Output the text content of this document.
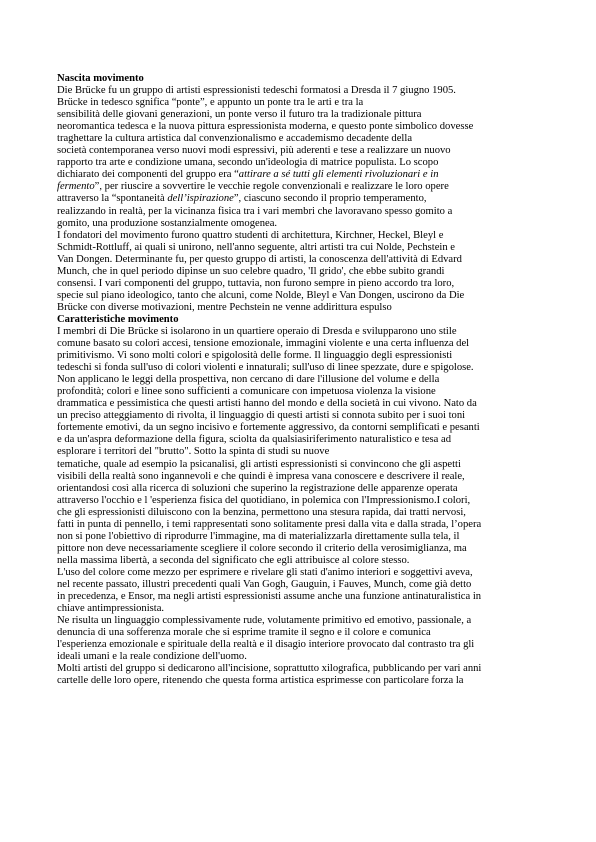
Nascita movimento
Die Brücke fu un gruppo di artisti espressionisti tedeschi formatosi a Dresda il 7 giugno 1905.
Brücke in tedesco sgnifica “ponte”, e appunto un ponte tra le arti e tra la
sensibilità delle giovani generazioni, un ponte verso il futuro tra la tradizionale pittura
neoromantica tedesca e la nuova pittura espressionista moderna, e questo ponte simbolico dovesse
traghettare la cultura artistica dal convenzionalismo e accademismo decadente della
società contemporanea verso nuovi modi espressivi, più aderenti e tese a realizzare un nuovo
rapporto tra arte e condizione umana, secondo un'ideologia di matrice populista. Lo scopo
dichiarato dei componenti del gruppo era “attirare a sé tutti gli elementi rivoluzionari e in
fermento”, per riuscire a sovvertire le vecchie regole convenzionali e realizzare le loro opere
attraverso la “spontaneità dell’ispirazione”, ciascuno secondo il proprio temperamento,
realizzando in realtà, per la vicinanza fisica tra i vari membri che lavoravano spesso gomito a
gomito, una produzione sostanzialmente omogenea.
I fondatori del movimento furono quattro studenti di architettura, Kirchner, Heckel, Bleyl e
Schmidt-Rottluff, ai quali si unirono, nell'anno seguente, altri artisti tra cui Nolde, Pechstein e
Van Dongen. Determinante fu, per questo gruppo di artisti, la conoscenza dell'attività di Edvard
Munch, che in quel periodo dipinse un suo celebre quadro, 'Il grido', che ebbe subito grandi
consensi. I vari componenti del gruppo, tuttavia, non furono sempre in pieno accordo tra loro,
specie sul piano ideologico, tanto che alcuni, come Nolde, Bleyl e Van Dongen, uscirono da Die
Brücke con diverse motivazioni, mentre Pechstein ne venne addirittura espulso
Caratteristiche movimento
I membri di Die Brücke si isolarono in un quartiere operaio di Dresda e svilupparono uno stile
comune basato su colori accesi, tensione emozionale, immagini violente e una certa influenza del
primitivismo. Vi sono molti colori e spigolosità delle forme. Il linguaggio degli espressionisti
tedeschi si fonda sull'uso di colori violenti e innaturali; sull'uso di linee spezzate, dure e spigolose.
Non applicano le leggi della prospettiva, non cercano di dare l'illusione del volume e della
profondità; colori e linee sono sufficienti a comunicare con impetuosa violenza la visione
drammatica e pessimistica che questi artisti hanno del mondo e della società in cui vivono. Nato da
un preciso atteggiamento di rivolta, il linguaggio di questi artisti si connota subito per i suoi toni
fortemente emotivi, da un segno incisivo e fortemente aggressivo, da contorni semplificati e pesanti
e da un'aspra deformazione della figura, sciolta da qualsiasiriferimento naturalistico e tesa ad
esplorare i territori del "brutto". Sotto la spinta di studi su nuove
tematiche, quale ad esempio la psicanalisi, gli artisti espressionisti si convincono che gli aspetti
visibili della realtà sono ingannevoli e che quindi è impresa vana conoscere e descrivere il reale,
orientandosi così alla ricerca di soluzioni che superino la registrazione delle apparenze operata
attraverso l'occhio e l 'esperienza fisica del quotidiano, in polemica con l'Impressionismo.I colori,
che gli espressionisti diluiscono con la benzina, permettono una stesura rapida, dai tratti nervosi,
fatti in punta di pennello, i temi rappresentati sono solitamente presi dalla vita e dalla strada, l’opera
non si pone l'obiettivo di riprodurre l'immagine, ma di materializzarla direttamente sulla tela, il
pittore non deve necessariamente scegliere il colore secondo il criterio della verosimiglianza, ma
nella massima libertà, a seconda del significato che egli attribuisce al colore stesso.
L'uso del colore come mezzo per esprimere e rivelare gli stati d'animo interiori e soggettivi aveva,
nel recente passato, illustri precedenti quali Van Gogh, Gauguin, i Fauves, Munch, come già detto
in precedenza, e Ensor, ma negli artisti espressionisti assume anche una funzione antinaturalistica in
chiave antimpressionista.
Ne risulta un linguaggio complessivamente rude, volutamente primitivo ed emotivo, passionale, a
denuncia di una sofferenza morale che si esprime tramite il segno e il colore e comunica
l'esperienza emozionale e spirituale della realtà e il disagio interiore provocato dal contrasto tra gli
ideali umani e la reale condizione dell'uomo.
Molti artisti del gruppo si dedicarono all'incisione, soprattutto xilografica, pubblicando per vari anni
cartelle delle loro opere, ritenendo che questa forma artistica esprimesse con particolare forza la
